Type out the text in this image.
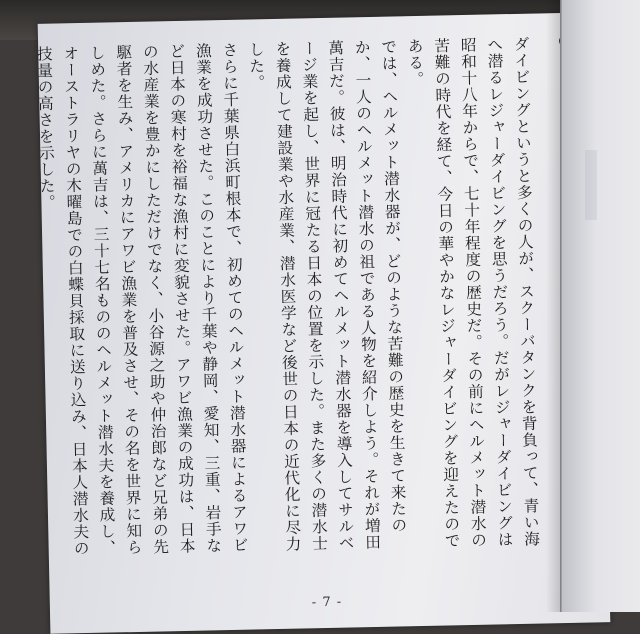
ダイビングというと多くの人が、スクーバタンクを背負って、青い海へ潜るレジャーダイビングを思うだろう。だがレジャーダイビングは昭和十八年からで、七十年程度の歴史だ。その前にヘルメット潜水の苦難の時代を経て、今日の華やかなレジャーダイビングを迎えたのである。

では、ヘルメット潜水器が、どのような苦難の歴史を生きて来たのか、一人のヘルメット潜水の祖である人物を紹介しよう。それが増田萬吉だ。彼は、明治時代に初めてヘルメット潜水器を導入してサルベージ業を起し、世界に冠たる日本の位置を示した。また多くの潜水士を養成して建設業や水産業、潜水医学など後世の日本の近代化に尽力した。

さらに千葉県白浜町根本で、初めてのヘルメット潜水器によるアワビ漁業を成功させた。このことにより千葉や静岡、愛知、三重、岩手など日本の寒村を裕福な漁村に変貌させた。アワビ漁業の成功は、日本の水産業を豊かにしただけでなく、小谷源之助や仲治郎など兄弟の先駆者を生み、アメリカにアワビ漁業を普及させ、その名を世界に知らしめた。さらに萬吉は、三十七名もののヘルメット潜水夫を養成し、オーストラリヤの木曜島での白蝶貝採取に送り込み、日本人潜水夫の技量の高さを示した。

- 7 -
